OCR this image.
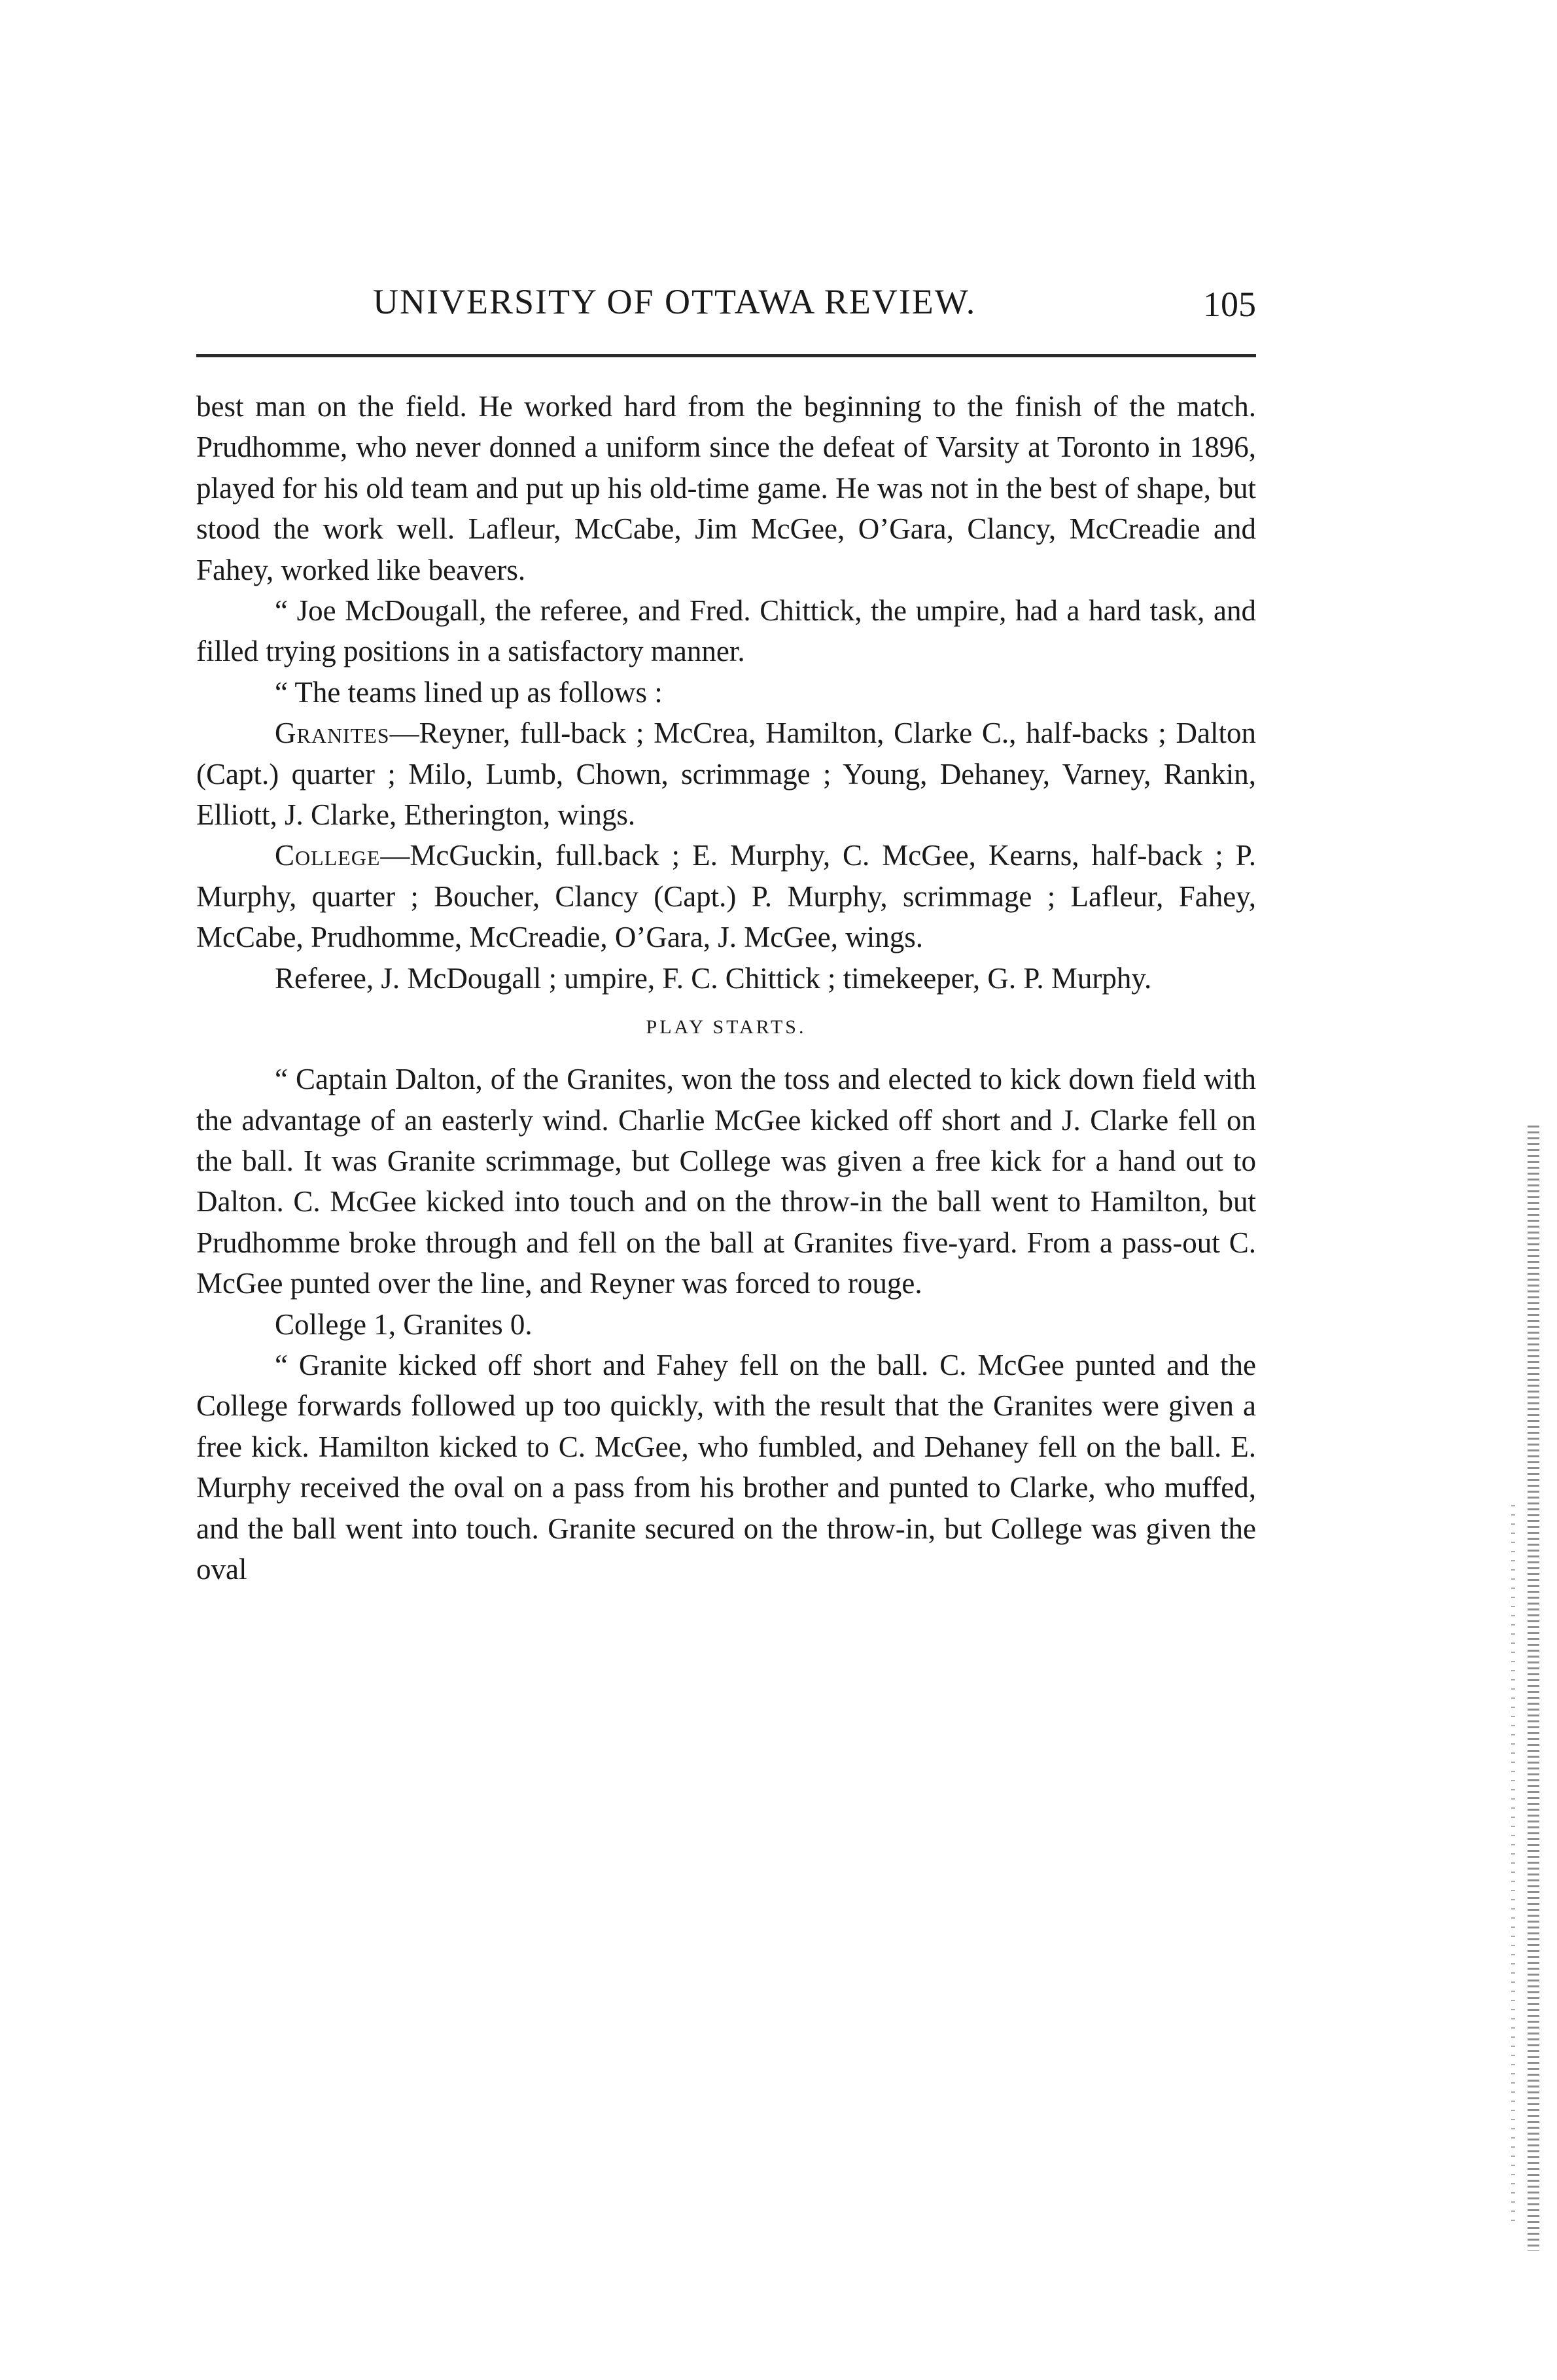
UNIVERSITY OF OTTAWA REVIEW.	105

best man on the field. He worked hard from the beginning to the finish of the match. Prudhomme, who never donned a uniform since the defeat of Varsity at Toronto in 1896, played for his old team and put up his old-time game. He was not in the best of shape, but stood the work well. Lafleur, McCabe, Jim McGee, O’Gara, Clancy, McCreadie and Fahey, worked like beavers.

“ Joe McDougall, the referee, and Fred. Chittick, the umpire, had a hard task, and filled trying positions in a satisfactory manner.

“ The teams lined up as follows :

Granites—Reyner, full-back ; McCrea, Hamilton, Clarke C., half-backs ; Dalton (Capt.) quarter ; Milo, Lumb, Chown, scrimmage ; Young, Dehaney, Varney, Rankin, Elliott, J. Clarke, Etherington, wings.

College—McGuckin, full.back ; E. Murphy, C. McGee, Kearns, half-back ; P. Murphy, quarter ; Boucher, Clancy (Capt.) P. Murphy, scrimmage ; Lafleur, Fahey, McCabe, Prudhomme, McCreadie, O’Gara, J. McGee, wings.

Referee, J. McDougall ; umpire, F. C. Chittick ; timekeeper, G. P. Murphy.

PLAY STARTS.

“ Captain Dalton, of the Granites, won the toss and elected to kick down field with the advantage of an easterly wind. Charlie McGee kicked off short and J. Clarke fell on the ball. It was Granite scrimmage, but College was given a free kick for a hand out to Dalton. C. McGee kicked into touch and on the throw-in the ball went to Hamilton, but Prudhomme broke through and fell on the ball at Granites five-yard. From a pass-out C. McGee punted over the line, and Reyner was forced to rouge.

College 1, Granites 0.

“ Granite kicked off short and Fahey fell on the ball. C. McGee punted and the College forwards followed up too quickly, with the result that the Granites were given a free kick. Hamilton kicked to C. McGee, who fumbled, and Dehaney fell on the ball. E. Murphy received the oval on a pass from his brother and punted to Clarke, who muffed, and the ball went into touch. Granite secured on the throw-in, but College was given the oval
